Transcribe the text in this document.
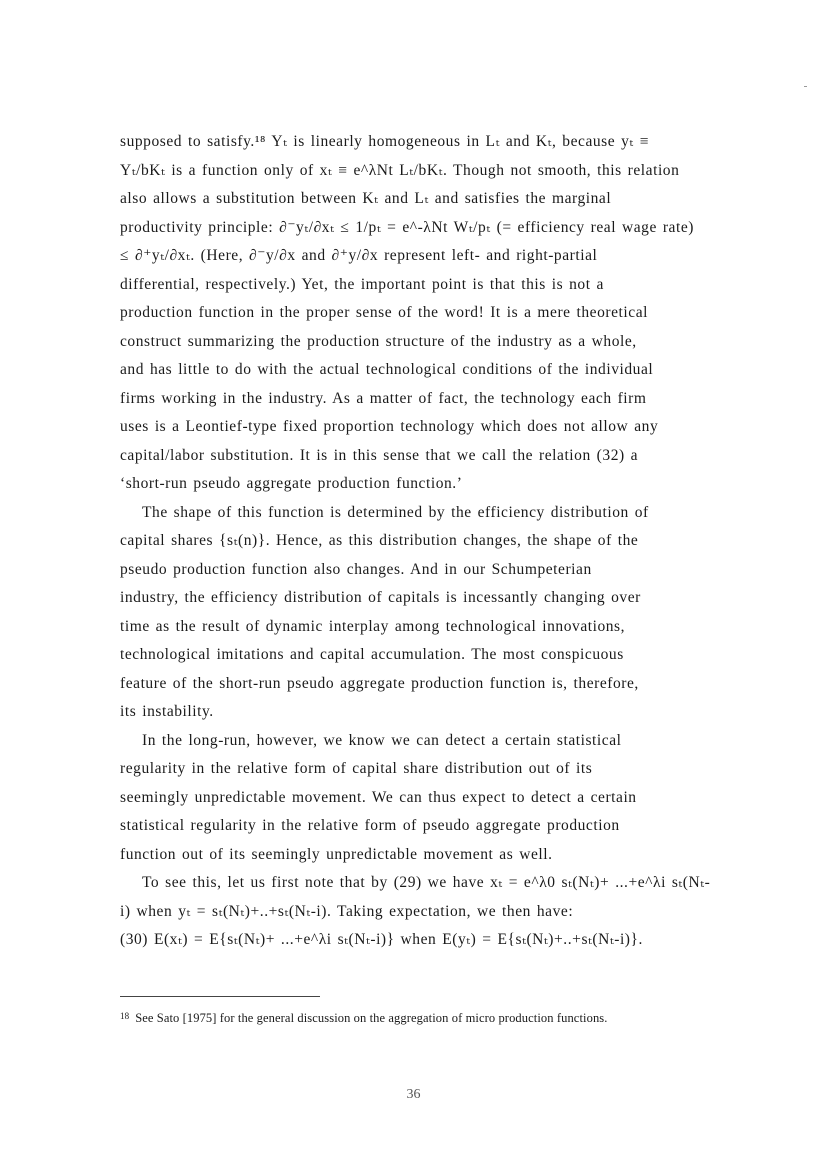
supposed to satisfy.¹⁸ Yₜ is linearly homogeneous in Lₜ and Kₜ, because yₜ ≡
Yₜ/bKₜ is a function only of xₜ ≡ e^λNt Lₜ/bKₜ. Though not smooth, this relation
also allows a substitution between Kₜ and Lₜ and satisfies the marginal
productivity principle: ∂⁻yₜ/∂xₜ ≤ 1/pₜ = e^-λNt Wₜ/pₜ (= efficiency real wage rate)
≤ ∂⁺yₜ/∂xₜ. (Here, ∂⁻y/∂x and ∂⁺y/∂x represent left- and right-partial
differential, respectively.) Yet, the important point is that this is not a
production function in the proper sense of the word! It is a mere theoretical
construct summarizing the production structure of the industry as a whole,
and has little to do with the actual technological conditions of the individual
firms working in the industry. As a matter of fact, the technology each firm
uses is a Leontief-type fixed proportion technology which does not allow any
capital/labor substitution. It is in this sense that we call the relation (32) a
‘short-run pseudo aggregate production function.’
The shape of this function is determined by the efficiency distribution of
capital shares {sₜ(n)}. Hence, as this distribution changes, the shape of the
pseudo production function also changes. And in our Schumpeterian
industry, the efficiency distribution of capitals is incessantly changing over
time as the result of dynamic interplay among technological innovations,
technological imitations and capital accumulation. The most conspicuous
feature of the short-run pseudo aggregate production function is, therefore,
its instability.
In the long-run, however, we know we can detect a certain statistical
regularity in the relative form of capital share distribution out of its
seemingly unpredictable movement. We can thus expect to detect a certain
statistical regularity in the relative form of pseudo aggregate production
function out of its seemingly unpredictable movement as well.
To see this, let us first note that by (29) we have xₜ = e^λ0 sₜ(Nₜ)+ ...+e^λi sₜ(Nₜ-
i) when yₜ = sₜ(Nₜ)+..+sₜ(Nₜ-i). Taking expectation, we then have:
(30) E(xₜ) = E{sₜ(Nₜ)+ ...+e^λi sₜ(Nₜ-i)} when E(yₜ) = E{sₜ(Nₜ)+..+sₜ(Nₜ-i)}.
$^{18}$ See Sato [1975] for the general discussion on the aggregation of micro production functions.
36
